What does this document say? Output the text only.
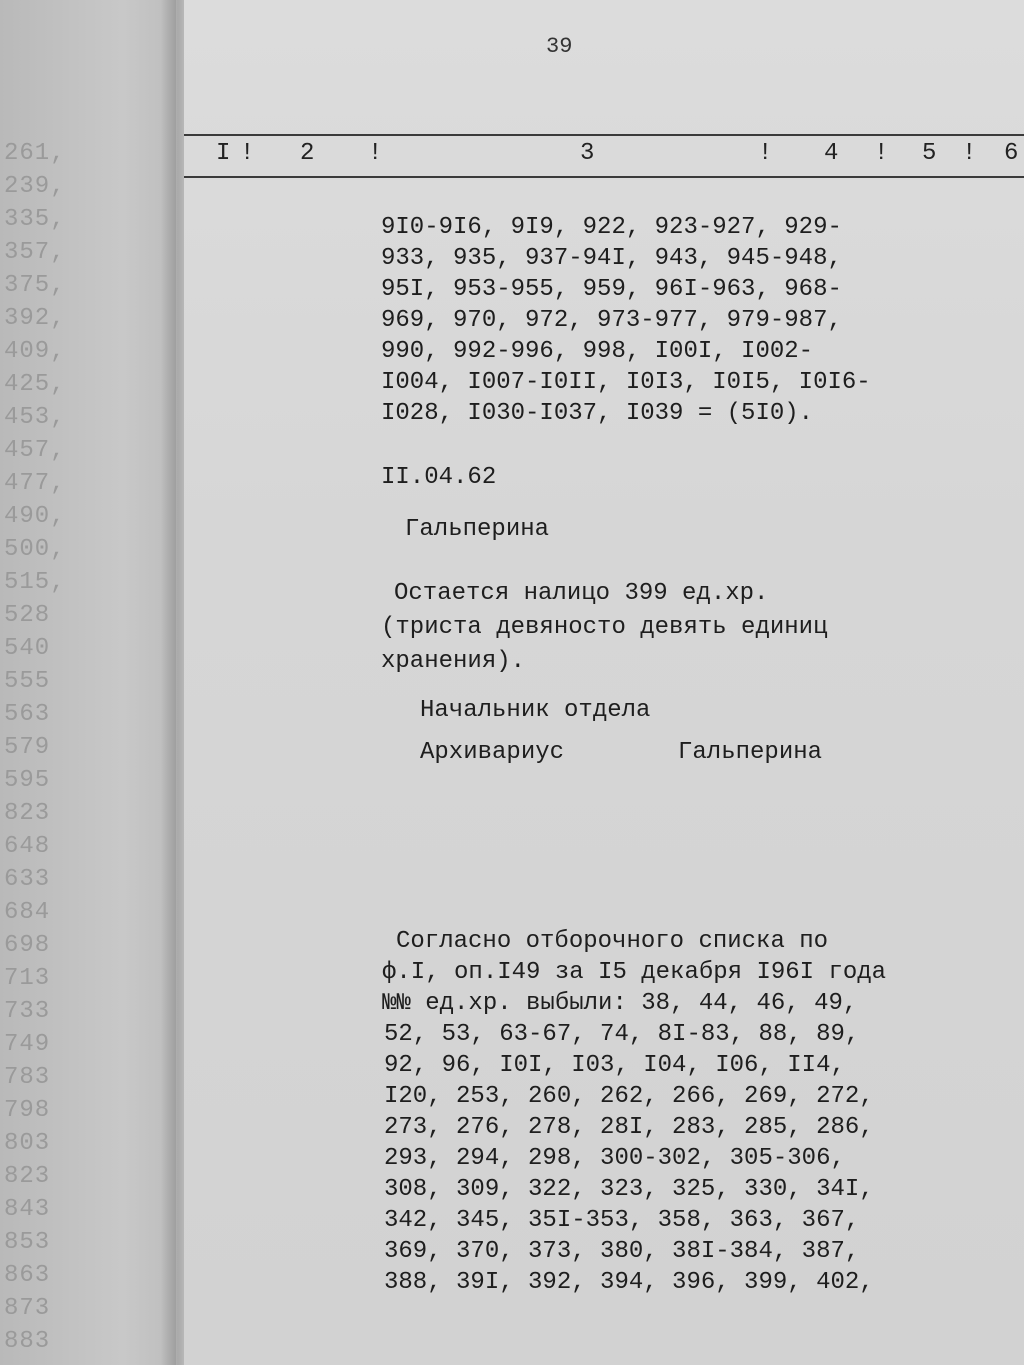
261,
239,
335,
357,
375,
392,
409,
425,
453,
457,
477,
490,
500,
515,
528
540
555
563
579
595
823
648
633
684
698
713
733
749
783
798
803
823
843
853
863
873
883
39
I ! 2 !	3	! 4 ! 5 ! 6
9I0-9I6, 9I9, 922, 923-927, 929-
933, 935, 937-94I, 943, 945-948,
95I, 953-955, 959, 96I-963, 968-
969, 970, 972, 973-977, 979-987,
990, 992-996, 998, I00I, I002-
I004, I007-I0II, I0I3, I0I5, I0I6-
I028, I030-I037, I039 = (5I0).
II.04.62
Гальперина
Остается налицо 399 ед.хр.
(триста девяносто девять единиц
хранения).
Начальник отдела
Архивариус	Гальперина
Согласно отборочного списка по
ф.I, оп.I49 за I5 декабря I96I года
№№ ед.хр. выбыли: 38, 44, 46, 49,
52, 53, 63-67, 74, 8I-83, 88, 89,
92, 96, I0I, I03, I04, I06, II4,
I20, 253, 260, 262, 266, 269, 272,
273, 276, 278, 28I, 283, 285, 286,
293, 294, 298, 300-302, 305-306,
308, 309, 322, 323, 325, 330, 34I,
342, 345, 35I-353, 358, 363, 367,
369, 370, 373, 380, 38I-384, 387,
388, 39I, 392, 394, 396, 399, 402,
